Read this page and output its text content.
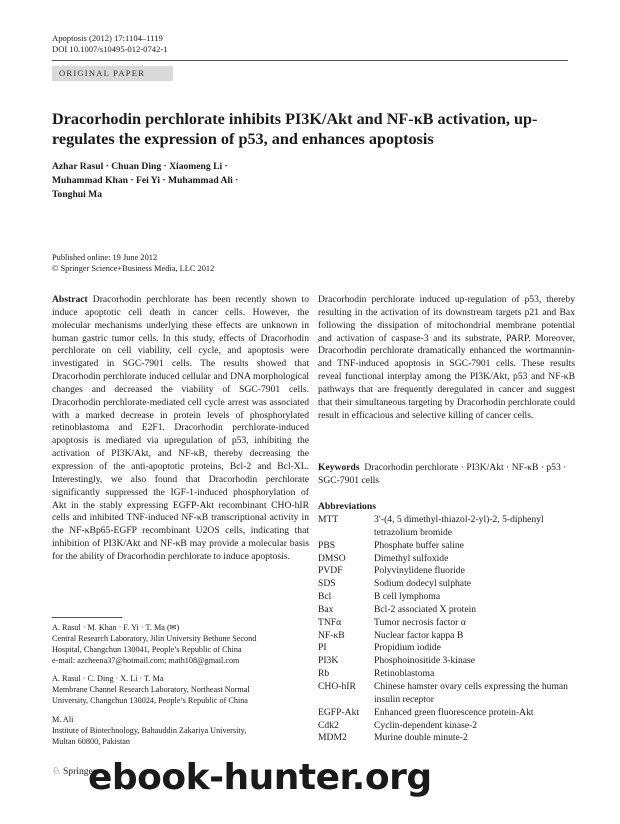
Apoptosis (2012) 17:1104–1119
DOI 10.1007/s10495-012-0742-1
ORIGINAL PAPER
Dracorhodin perchlorate inhibits PI3K/Akt and NF-κB activation, up-regulates the expression of p53, and enhances apoptosis
Azhar Rasul · Chuan Ding · Xiaomeng Li ·
Muhammad Khan · Fei Yi · Muhammad Ali ·
Tonghui Ma
Published online: 19 June 2012
© Springer Science+Business Media, LLC 2012
Abstract Dracorhodin perchlorate has been recently shown to induce apoptotic cell death in cancer cells. However, the molecular mechanisms underlying these effects are unknown in human gastric tumor cells. In this study, effects of Dracorhodin perchlorate on cell viability, cell cycle, and apoptosis were investigated in SGC-7901 cells. The results showed that Dracorhodin perchlorate induced cellular and DNA morphological changes and decreased the viability of SGC-7901 cells. Dracorhodin perchlorate-mediated cell cycle arrest was associated with a marked decrease in protein levels of phosphorylated retinoblastoma and E2F1. Dracorhodin perchlorate-induced apoptosis is mediated via upregulation of p53, inhibiting the activation of PI3K/Akt, and NF-κB, thereby decreasing the expression of the anti-apoptotic proteins, Bcl-2 and Bcl-XL. Interestingly, we also found that Dracorhodin perchlorate significantly suppressed the IGF-1-induced phosphorylation of Akt in the stably expressing EGFP-Akt recombinant CHO-hIR cells and inhibited TNF-induced NF-κB transcriptional activity in the NF-κBp65-EGFP recombinant U2OS cells, indicating that inhibition of PI3K/Akt and NF-κB may provide a molecular basis for the ability of Dracorhodin perchlorate to induce apoptosis.
Dracorhodin perchlorate induced up-regulation of p53, thereby resulting in the activation of its downstream targets p21 and Bax following the dissipation of mitochondrial membrane potential and activation of caspase-3 and its substrate, PARP. Moreover, Dracorhodin perchlorate dramatically enhanced the wortmannin- and TNF-induced apoptosis in SGC-7901 cells. These results reveal functional interplay among the PI3K/Akt, p53 and NF-κB pathways that are frequently deregulated in cancer and suggest that their simultaneous targeting by Dracorhodin perchlorate could result in efficacious and selective killing of cancer cells.
Keywords Dracorhodin perchlorate · PI3K/Akt · NF-κB · p53 · SGC-7901 cells
Abbreviations
MTT	3′-(4, 5 dimethyl-thiazol-2-yl)-2, 5-diphenyl tetrazolium bromide
PBS	Phosphate buffer saline
DMSO	Dimethyl sulfoxide
PVDF	Polyvinylidene fluoride
SDS	Sodium dodecyl sulphate
Bcl	B cell lymphoma
Bax	Bcl-2 associated X protein
TNFα	Tumor necrosis factor α
NF-κB	Nuclear factor kappa B
PI	Propidium iodide
PI3K	Phosphoinositide 3-kinase
Rb	Retinoblastoma
CHO-hIR	Chinese hamster ovary cells expressing the human insulin receptor
EGFP-Akt	Enhanced green fluorescence protein-Akt
Cdk2	Cyclin-dependent kinase-2
MDM2	Murine double minute-2
A. Rasul · M. Khan · F. Yi · T. Ma (✉)
Central Research Laboratory, Jilin University Bethune Second
Hospital, Changchun 130041, People’s Republic of China
e-mail: azcheena37@hotmail.com; math108@gmail.com
A. Rasul · C. Ding · X. Li · T. Ma
Membrane Channel Research Laboratory, Northeast Normal
University, Changchun 130024, People’s Republic of China
M. Ali
Institute of Biotechnology, Bahauddin Zakariya University,
Multan 60800, Pakistan
♘ Springer
ebook-hunter.org
